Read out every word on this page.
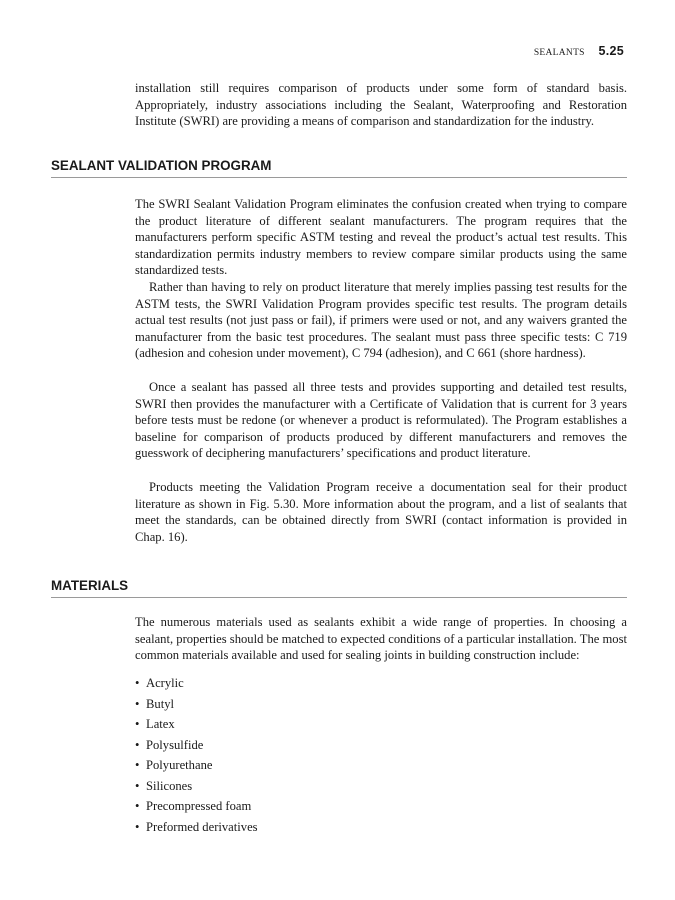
SEALANTS 5.25

installation still requires comparison of products under some form of standard basis. Appropriately, industry associations including the Sealant, Waterproofing and Restoration Institute (SWRI) are providing a means of comparison and standardization for the industry.

SEALANT VALIDATION PROGRAM

The SWRI Sealant Validation Program eliminates the confusion created when trying to compare the product literature of different sealant manufacturers. The program requires that the manufacturers perform specific ASTM testing and reveal the product’s actual test results. This standardization permits industry members to review compare similar products using the same standardized tests.

Rather than having to rely on product literature that merely implies passing test results for the ASTM tests, the SWRI Validation Program provides specific test results. The program details actual test results (not just pass or fail), if primers were used or not, and any waivers granted the manufacturer from the basic test procedures. The sealant must pass three specific tests: C 719 (adhesion and cohesion under movement), C 794 (adhesion), and C 661 (shore hardness).

Once a sealant has passed all three tests and provides supporting and detailed test results, SWRI then provides the manufacturer with a Certificate of Validation that is current for 3 years before tests must be redone (or whenever a product is reformulated). The Program establishes a baseline for comparison of products produced by different manufacturers and removes the guesswork of deciphering manufacturers’ specifications and product literature.

Products meeting the Validation Program receive a documentation seal for their product literature as shown in Fig. 5.30. More information about the program, and a list of sealants that meet the standards, can be obtained directly from SWRI (contact information is provided in Chap. 16).

MATERIALS

The numerous materials used as sealants exhibit a wide range of properties. In choosing a sealant, properties should be matched to expected conditions of a particular installation. The most common materials available and used for sealing joints in building construction include:

• Acrylic
• Butyl
• Latex
• Polysulfide
• Polyurethane
• Silicones
• Precompressed foam
• Preformed derivatives
